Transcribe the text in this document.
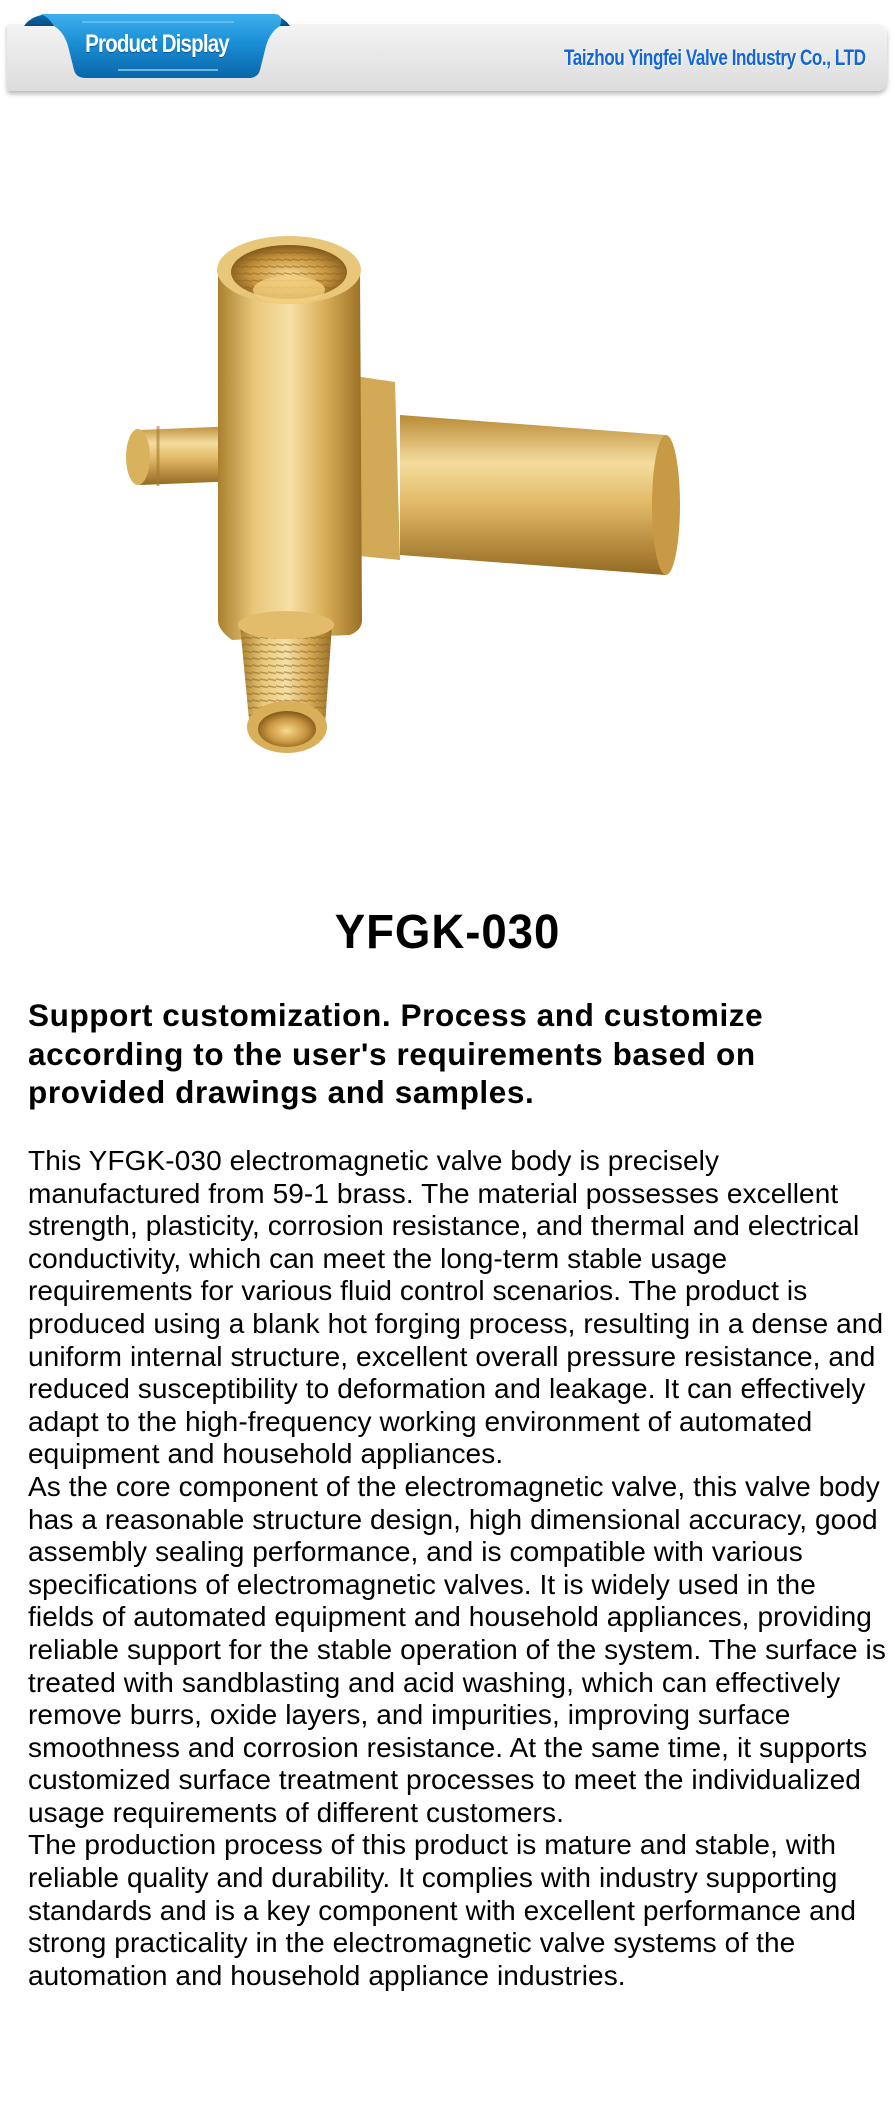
Product Display	Taizhou Yingfei Valve Industry Co., LTD
YFGK-030
Support customization. Process and customize according to the user's requirements based on provided drawings and samples.

This YFGK-030 electromagnetic valve body is precisely manufactured from 59-1 brass. The material possesses excellent strength, plasticity, corrosion resistance, and thermal and electrical conductivity, which can meet the long-term stable usage requirements for various fluid control scenarios. The product is produced using a blank hot forging process, resulting in a dense and uniform internal structure, excellent overall pressure resistance, and reduced susceptibility to deformation and leakage. It can effectively adapt to the high-frequency working environment of automated equipment and household appliances.

As the core component of the electromagnetic valve, this valve body has a reasonable structure design, high dimensional accuracy, good assembly sealing performance, and is compatible with various specifications of electromagnetic valves. It is widely used in the fields of automated equipment and household appliances, providing reliable support for the stable operation of the system. The surface is treated with sandblasting and acid washing, which can effectively remove burrs, oxide layers, and impurities, improving surface smoothness and corrosion resistance. At the same time, it supports customized surface treatment processes to meet the individualized usage requirements of different customers.

The production process of this product is mature and stable, with reliable quality and durability. It complies with industry supporting standards and is a key component with excellent performance and strong practicality in the electromagnetic valve systems of the automation and household appliance industries.
